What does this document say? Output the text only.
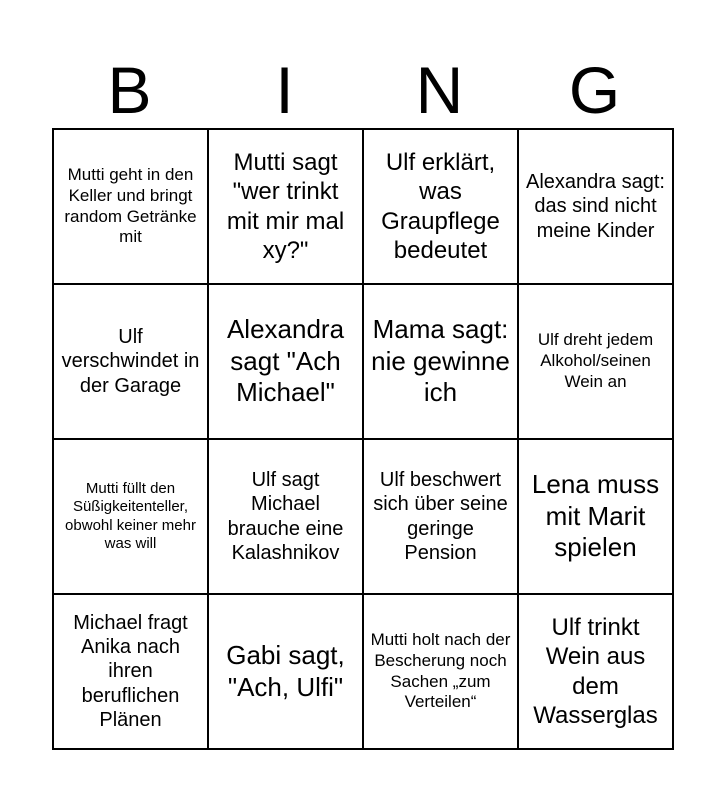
B	I	N	G
Mutti geht in den Keller und bringt random Getränke mit	Mutti sagt "wer trinkt mit mir mal xy?"	Ulf erklärt, was Graupflege bedeutet	Alexandra sagt: das sind nicht meine Kinder
Ulf verschwindet in der Garage	Alexandra sagt "Ach Michael"	Mama sagt: nie gewinne ich	Ulf dreht jedem Alkohol/seinen Wein an
Mutti füllt den Süßigkeitenteller, obwohl keiner mehr was will	Ulf sagt Michael brauche eine Kalashnikov	Ulf beschwert sich über seine geringe Pension	Lena muss mit Marit spielen
Michael fragt Anika nach ihren beruflichen Plänen	Gabi sagt, "Ach, Ulfi"	Mutti holt nach der Bescherung noch Sachen „zum Verteilen“	Ulf trinkt Wein aus dem Wasserglas
